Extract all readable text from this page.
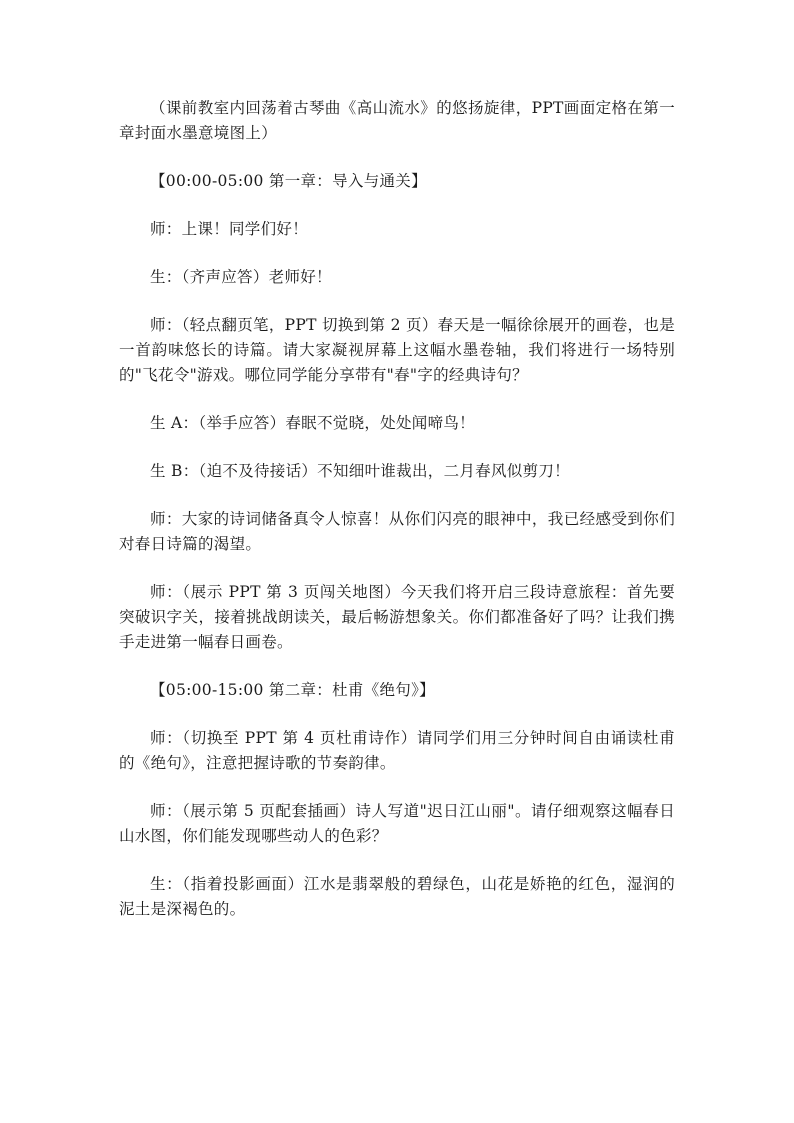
（课前教室内回荡着古琴曲《高山流水》的悠扬旋律，PPT画面定格在第一章封面水墨意境图上）

【00:00-05:00 第一章：导入与通关】

师：上课！同学们好！

生：（齐声应答）老师好！

师：（轻点翻页笔，PPT 切换到第 2 页）春天是一幅徐徐展开的画卷，也是一首韵味悠长的诗篇。请大家凝视屏幕上这幅水墨卷轴，我们将进行一场特别的"飞花令"游戏。哪位同学能分享带有"春"字的经典诗句？

生 A：（举手应答）春眠不觉晓，处处闻啼鸟！

生 B：（迫不及待接话）不知细叶谁裁出，二月春风似剪刀！

师：大家的诗词储备真令人惊喜！从你们闪亮的眼神中，我已经感受到你们对春日诗篇的渴望。

师：（展示 PPT 第 3 页闯关地图）今天我们将开启三段诗意旅程：首先要突破识字关，接着挑战朗读关，最后畅游想象关。你们都准备好了吗？让我们携手走进第一幅春日画卷。

【05:00-15:00 第二章：杜甫《绝句》】

师：（切换至 PPT 第 4 页杜甫诗作）请同学们用三分钟时间自由诵读杜甫的《绝句》，注意把握诗歌的节奏韵律。

师：（展示第 5 页配套插画）诗人写道"迟日江山丽"。请仔细观察这幅春日山水图，你们能发现哪些动人的色彩？

生：（指着投影画面）江水是翡翠般的碧绿色，山花是娇艳的红色，湿润的泥土是深褐色的。
